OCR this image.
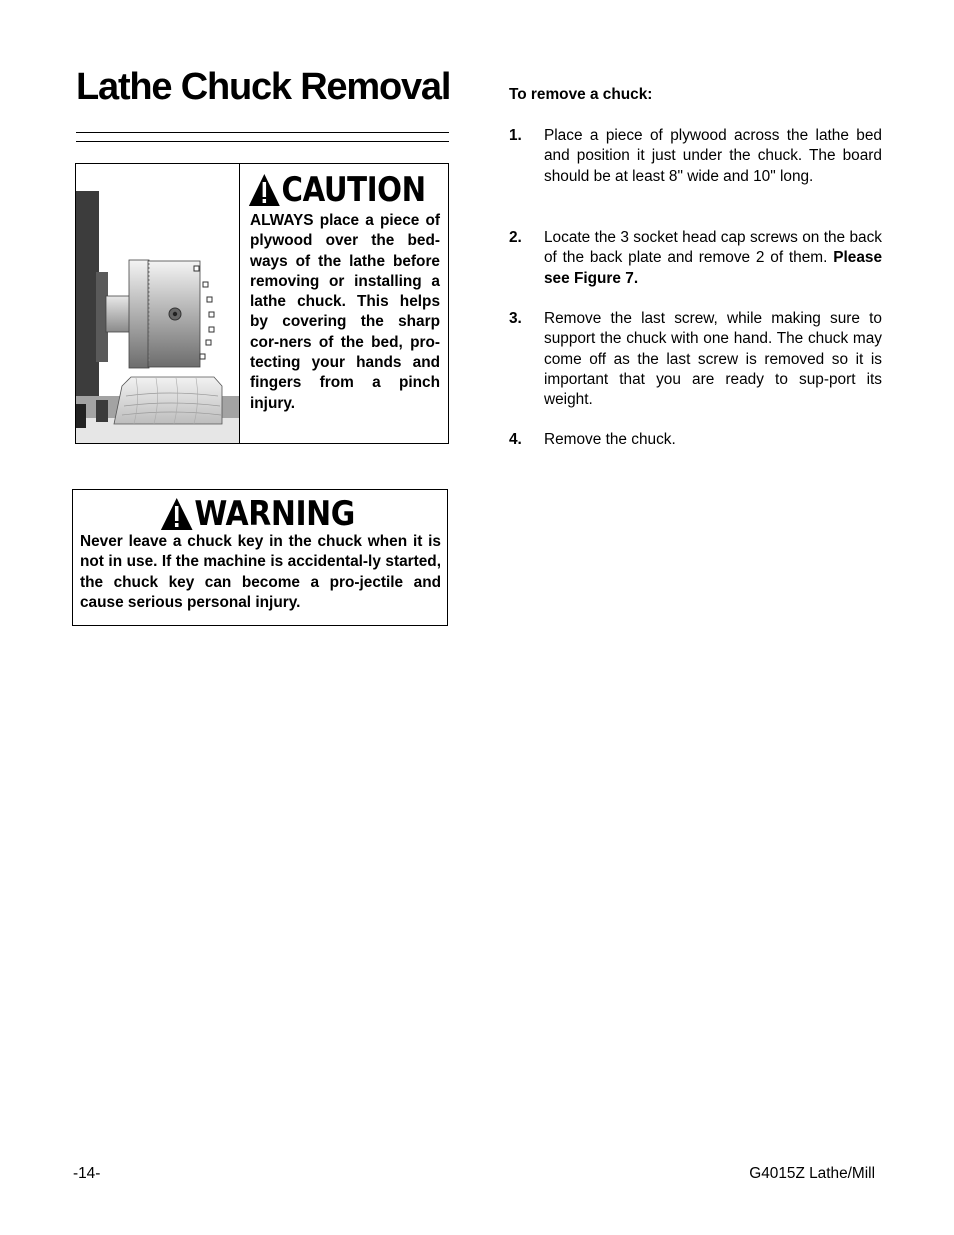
Lathe Chuck Removal
CAUTION

ALWAYS place a piece of plywood over the bed-ways of the lathe before removing or installing a lathe chuck. This helps by covering the sharp cor-ners of the bed, pro-tecting your hands and fingers from a pinch injury.

WARNING

Never leave a chuck key in the chuck when it is not in use. If the machine is accidental-ly started, the chuck key can become a pro-jectile and cause serious personal injury.

To remove a chuck:

1. Place a piece of plywood across the lathe bed and position it just under the chuck. The board should be at least 8" wide and 10" long.

2. Locate the 3 socket head cap screws on the back of the back plate and remove 2 of them. Please see Figure 7.

3. Remove the last screw, while making sure to support the chuck with one hand. The chuck may come off as the last screw is removed so it is important that you are ready to sup-port its weight.

4. Remove the chuck.

-14-	G4015Z Lathe/Mill
